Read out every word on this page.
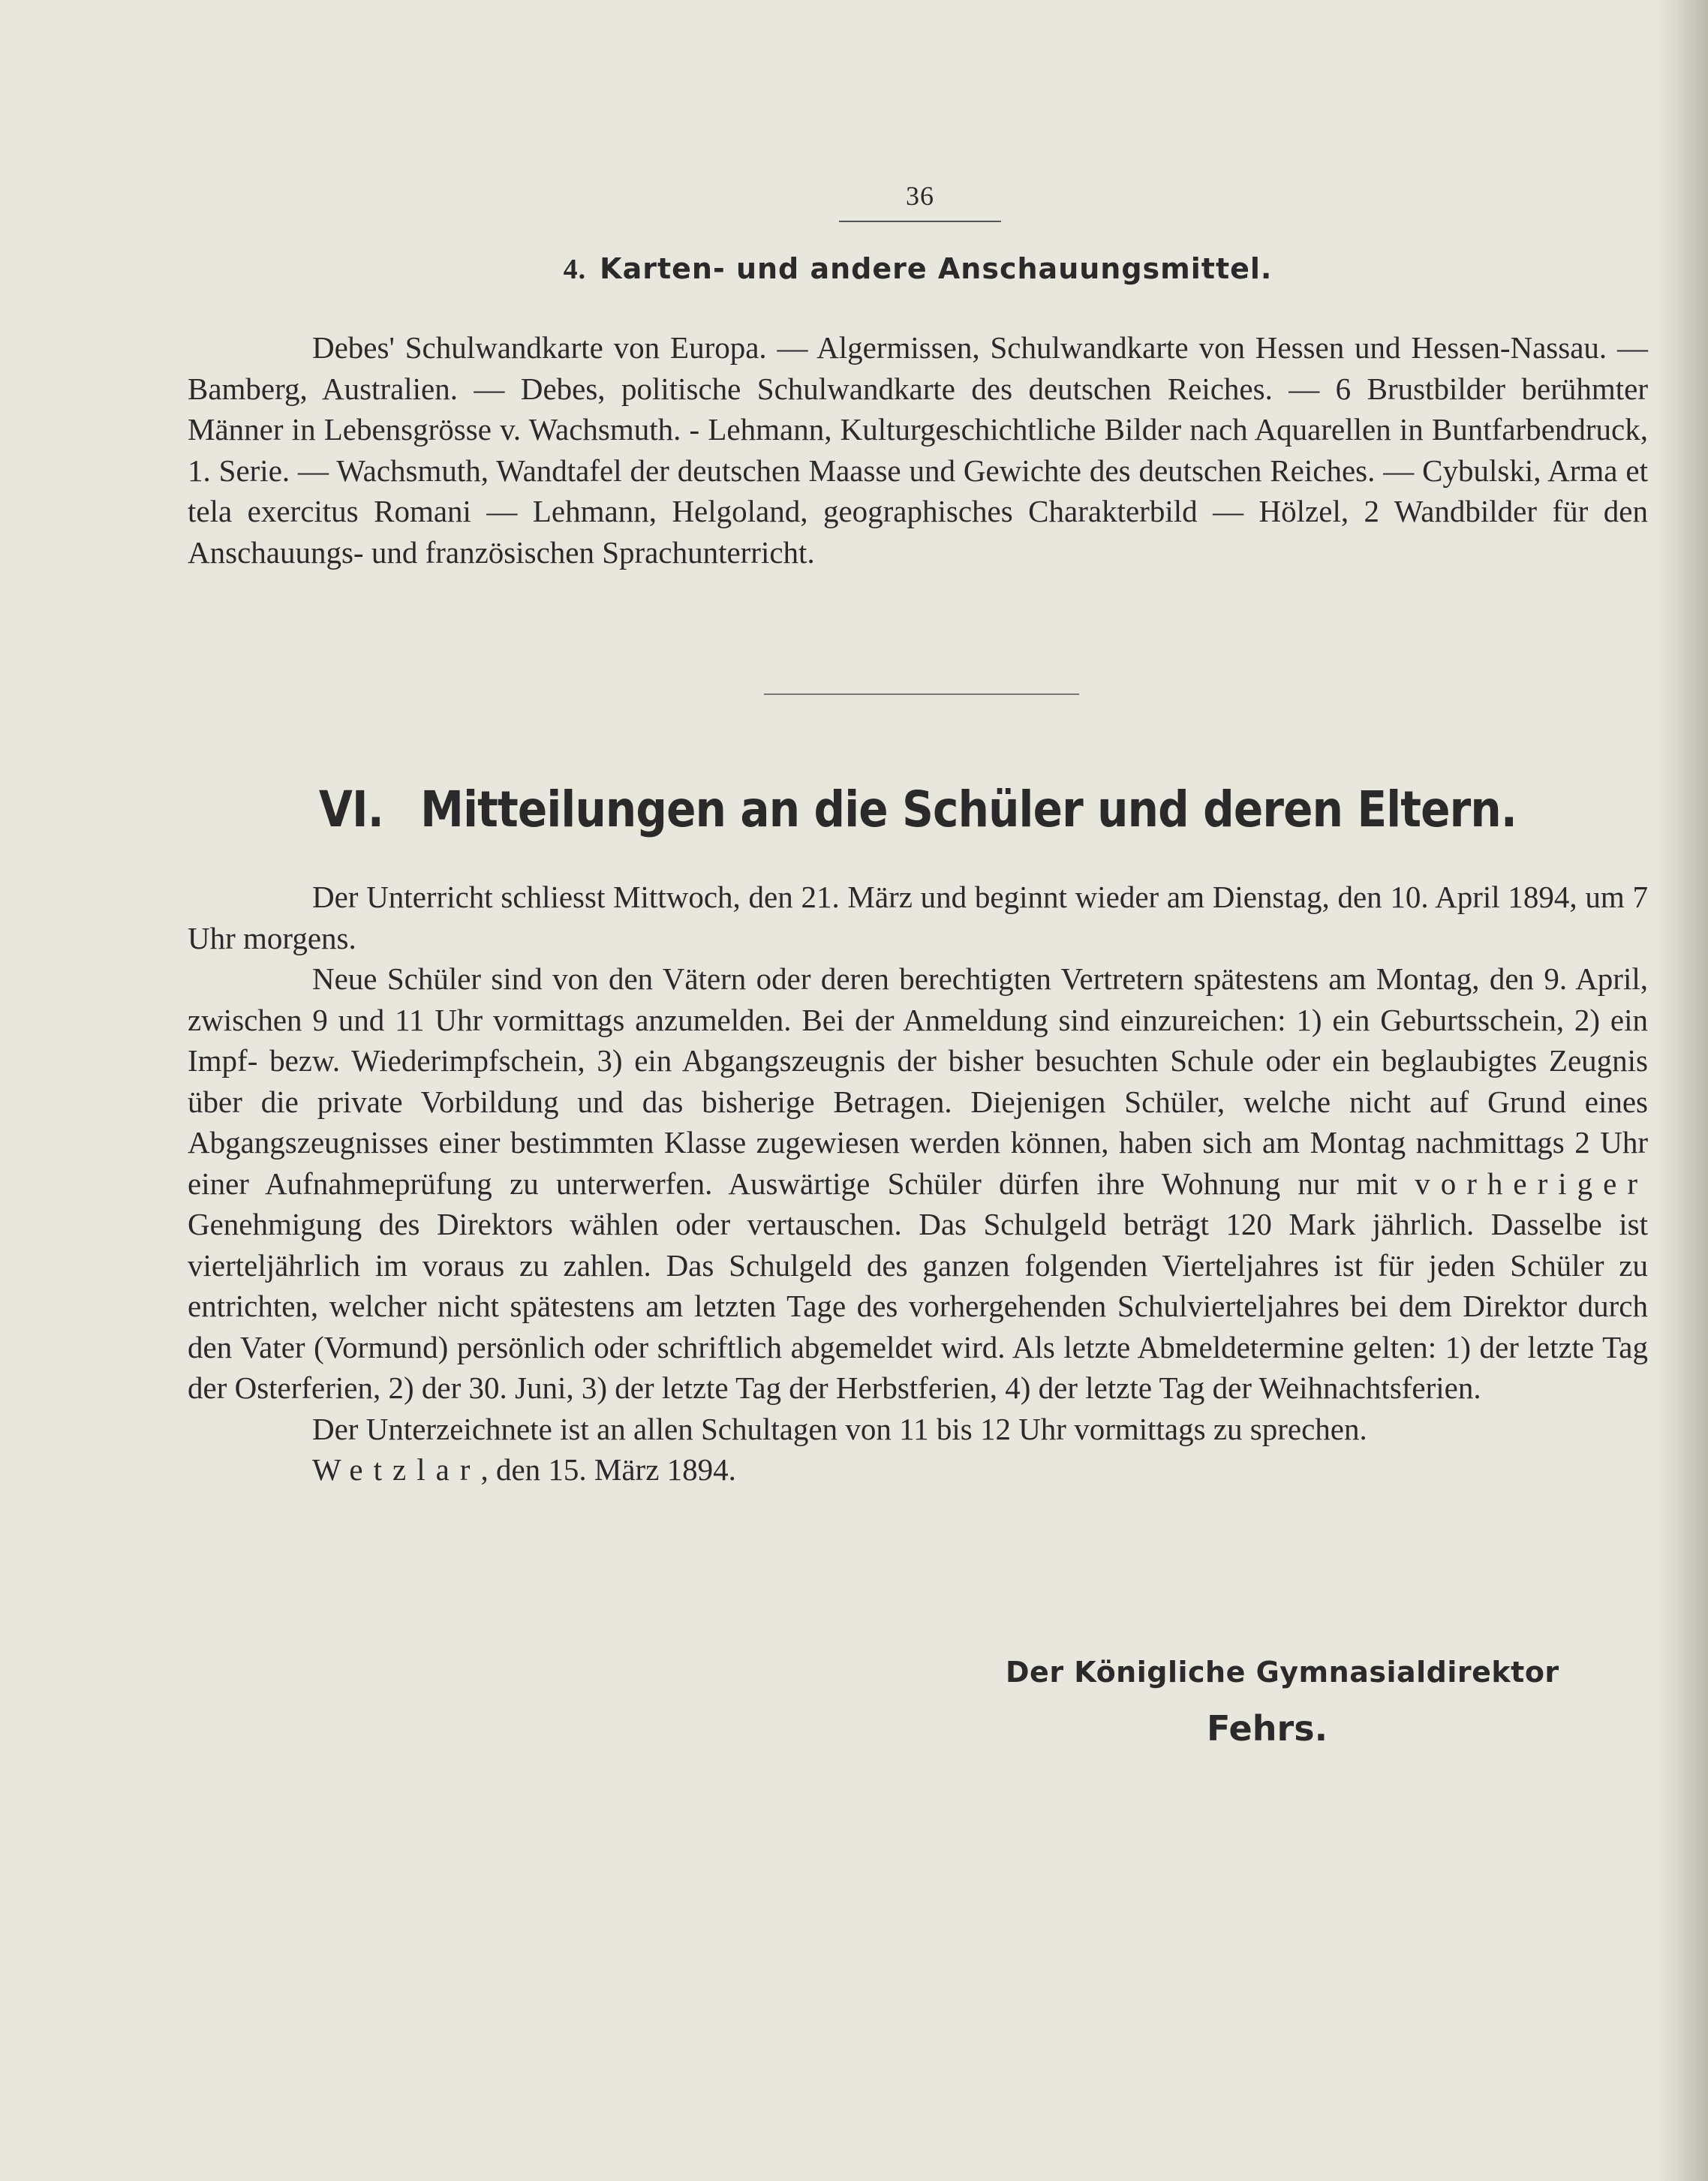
36
4. Karten- und andere Anschauungsmittel.

Debes' Schulwandkarte von Europa. — Algermissen, Schulwandkarte von Hessen und Hessen-Nassau. — Bamberg, Australien. — Debes, politische Schulwandkarte des deutschen Reiches. — 6 Brustbilder berühmter Männer in Lebensgrösse v. Wachsmuth. - Lehmann, Kulturgeschichtliche Bilder nach Aquarellen in Buntfarbendruck, 1. Serie. — Wachsmuth, Wandtafel der deutschen Maasse und Gewichte des deutschen Reiches. — Cybulski, Arma et tela exercitus Romani — Lehmann, Helgoland, geographisches Charakterbild — Hölzel, 2 Wandbilder für den Anschauungs- und französischen Sprachunterricht.

VI. Mitteilungen an die Schüler und deren Eltern.

Der Unterricht schliesst Mittwoch, den 21. März und beginnt wieder am Dienstag, den 10. April 1894, um 7 Uhr morgens.

Neue Schüler sind von den Vätern oder deren berechtigten Vertretern spätestens am Montag, den 9. April, zwischen 9 und 11 Uhr vormittags anzumelden. Bei der Anmeldung sind einzureichen: 1) ein Geburtsschein, 2) ein Impf- bezw. Wiederimpfschein, 3) ein Abgangszeugnis der bisher besuchten Schule oder ein beglaubigtes Zeugnis über die private Vorbildung und das bisherige Betragen. Diejenigen Schüler, welche nicht auf Grund eines Abgangszeugnisses einer bestimmten Klasse zugewiesen werden können, haben sich am Montag nachmittags 2 Uhr einer Aufnahmeprüfung zu unterwerfen. Auswärtige Schüler dürfen ihre Wohnung nur mit vorheriger Genehmigung des Direktors wählen oder vertauschen. Das Schulgeld beträgt 120 Mark jährlich. Dasselbe ist vierteljährlich im voraus zu zahlen. Das Schulgeld des ganzen folgenden Vierteljahres ist für jeden Schüler zu entrichten, welcher nicht spätestens am letzten Tage des vorhergehenden Schulvierteljahres bei dem Direktor durch den Vater (Vormund) persönlich oder schriftlich abgemeldet wird. Als letzte Abmeldetermine gelten: 1) der letzte Tag der Osterferien, 2) der 30. Juni, 3) der letzte Tag der Herbstferien, 4) der letzte Tag der Weihnachtsferien.

Der Unterzeichnete ist an allen Schultagen von 11 bis 12 Uhr vormittags zu sprechen.

Wetzlar, den 15. März 1894.

Der Königliche Gymnasialdirektor
Fehrs.
